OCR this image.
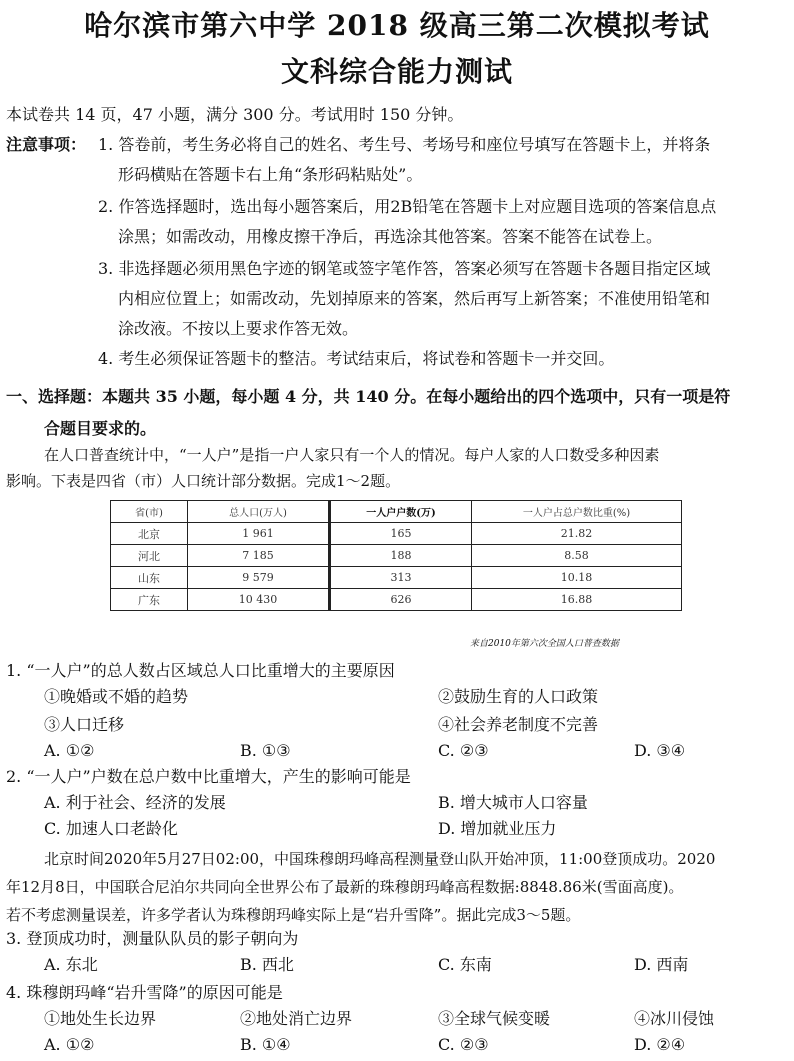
哈尔滨市第六中学 2018 级高三第二次模拟考试
文科综合能力测试
本试卷共 14 页，47 小题，满分 300 分。考试用时 150 分钟。
注意事项： 1. 答卷前，考生务必将自己的姓名、考生号、考场号和座位号填写在答题卡上，并将条
形码横贴在答题卡右上角“条形码粘贴处”。
2. 作答选择题时，选出每小题答案后，用2B铅笔在答题卡上对应题目选项的答案信息点
涂黑；如需改动，用橡皮擦干净后，再选涂其他答案。答案不能答在试卷上。
3. 非选择题必须用黑色字迹的钢笔或签字笔作答，答案必须写在答题卡各题目指定区域
内相应位置上；如需改动，先划掉原来的答案，然后再写上新答案；不准使用铅笔和
涂改液。不按以上要求作答无效。
4. 考生必须保证答题卡的整洁。考试结束后，将试卷和答题卡一并交回。
一、选择题：本题共 35 小题，每小题 4 分，共 140 分。在每小题给出的四个选项中，只有一项是符
合题目要求的。
在人口普查统计中，“一人户”是指一户人家只有一个人的情况。每户人家的人口数受多种因素
影响。下表是四省（市）人口统计部分数据。完成1～2题。
省(市)	总人口(万人)	一人户户数(万)	一人户占总户数比重(%)
北京	1 961	165	21.82
河北	7 185	188	8.58
山东	9 579	313	10.18
广东	10 430	626	16.88
来自2010年第六次全国人口普查数据
1. “一人户”的总人数占区域总人口比重增大的主要原因
①晚婚或不婚的趋势	②鼓励生育的人口政策
③人口迁移	④社会养老制度不完善
A. ①②	B. ①③	C. ②③	D. ③④
2. “一人户”户数在总户数中比重增大，产生的影响可能是
A. 利于社会、经济的发展	B. 增大城市人口容量
C. 加速人口老龄化	D. 增加就业压力
北京时间2020年5月27日02:00，中国珠穆朗玛峰高程测量登山队开始冲顶，11:00登顶成功。2020
年12月8日，中国联合尼泊尔共同向全世界公布了最新的珠穆朗玛峰高程数据:8848.86米(雪面高度)。
若不考虑测量误差，许多学者认为珠穆朗玛峰实际上是“岩升雪降”。据此完成3～5题。
3. 登顶成功时，测量队队员的影子朝向为
A. 东北	B. 西北	C. 东南	D. 西南
4. 珠穆朗玛峰“岩升雪降”的原因可能是
①地处生长边界	②地处消亡边界	③全球气候变暖	④冰川侵蚀
A. ①②	B. ①④	C. ②③	D. ②④
